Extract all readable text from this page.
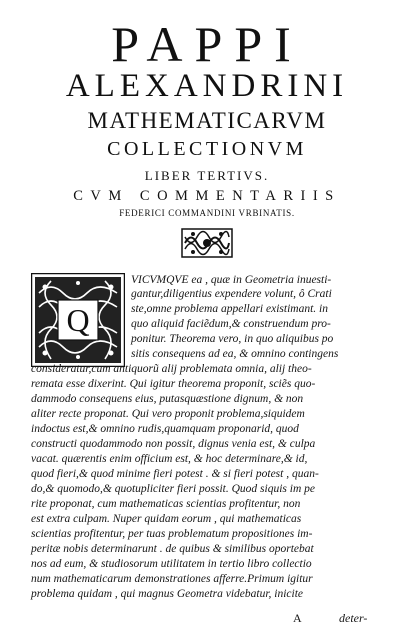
PAPPI
ALEXANDRINI
MATHEMATICARVM
COLLECTIONVM
LIBER TERTIVS.
CVM COMMENTARIIS
FEDERICI COMMANDINI VRBINATIS.
Q
VICVMQVE ea , quæ in Geometria inuesti-
gantur,diligentius expendere volunt, ô Crati
ste,omne problema appellari existimant. in
quo aliquid faciẽdum,& construendum pro-
ponitur. Theorema vero, in quo aliquibus po
sitis consequens ad ea, & omnino contingens
consideratur,cum antiquorũ alij problemata omnia, alij theo-
remata esse dixerint. Qui igitur theorema proponit, sciẽs quo-
dammodo consequens eius, putasquæstione dignum, & non
aliter recte proponat. Qui vero proponit problema,siquidem
indoctus est,& omnino rudis,quamquam proponarid, quod
constructi quodammodo non possit, dignus venia est, & culpa
vacat. quærentis enim officium est, & hoc determinare,& id,
quod fieri,& quod minime fieri potest . & si fieri potest , quan-
do,& quomodo,& quotupliciter fieri possit. Quod siquis im pe
rite proponat, cum mathematicas scientias profitentur, non
est extra culpam. Nuper quidam eorum , qui mathematicas
scientias profitentur, per tuas problematum propositiones im-
peritæ nobis determinarunt . de quibus & similibus oportebat
nos ad eum, & studiosorum utilitatem in tertio libro collectio
num mathematicarum demonstrationes afferre.Primum igitur
problema quidam , qui magnus Geometra videbatur, inicite
A	deter-
